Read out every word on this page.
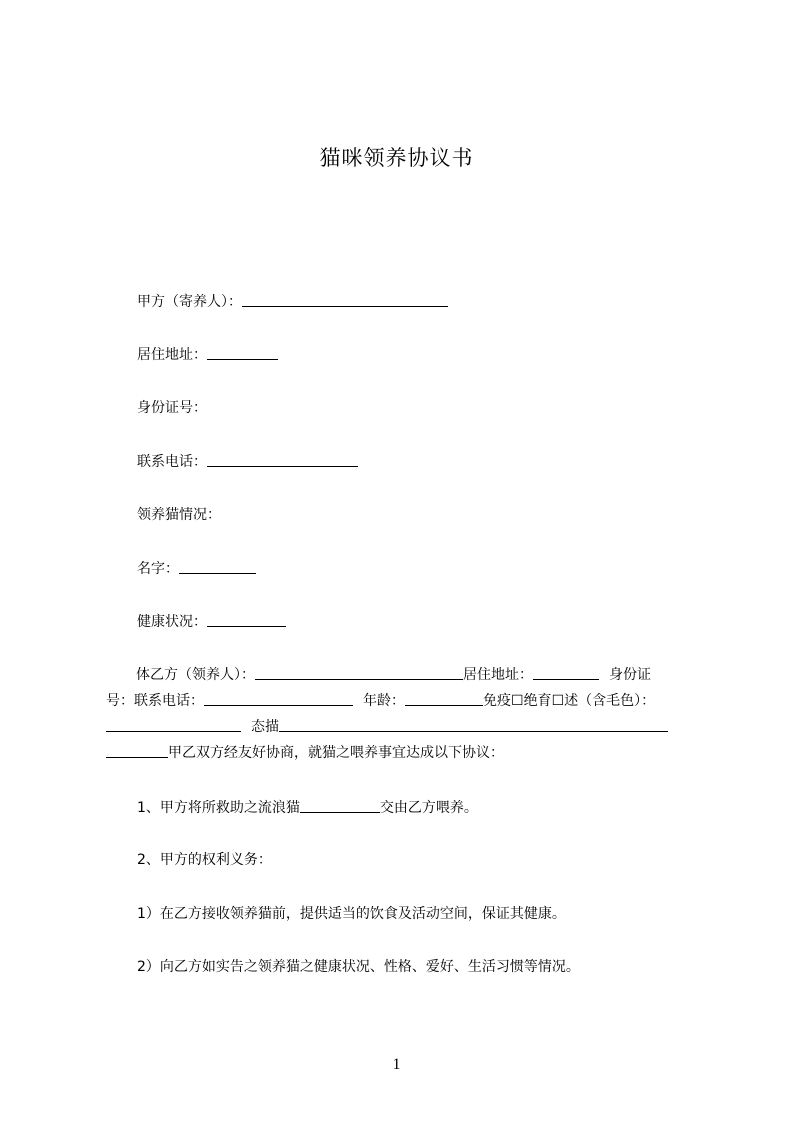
猫咪领养协议书
甲方（寄养人）：
居住地址：
身份证号：
联系电话：
领养猫情况：
名字：
健康状况：
体乙方（领养人）：	居住地址：	身份证
号：联系电话：	年龄：	免疫☐绝育☐述（含毛色）：
态描
甲乙双方经友好协商，就猫之喂养事宜达成以下协议：
1、甲方将所救助之流浪猫	交由乙方喂养。
2、甲方的权利义务：
1）在乙方接收领养猫前，提供适当的饮食及活动空间，保证其健康。
2）向乙方如实告之领养猫之健康状况、性格、爱好、生活习惯等情况。
1
